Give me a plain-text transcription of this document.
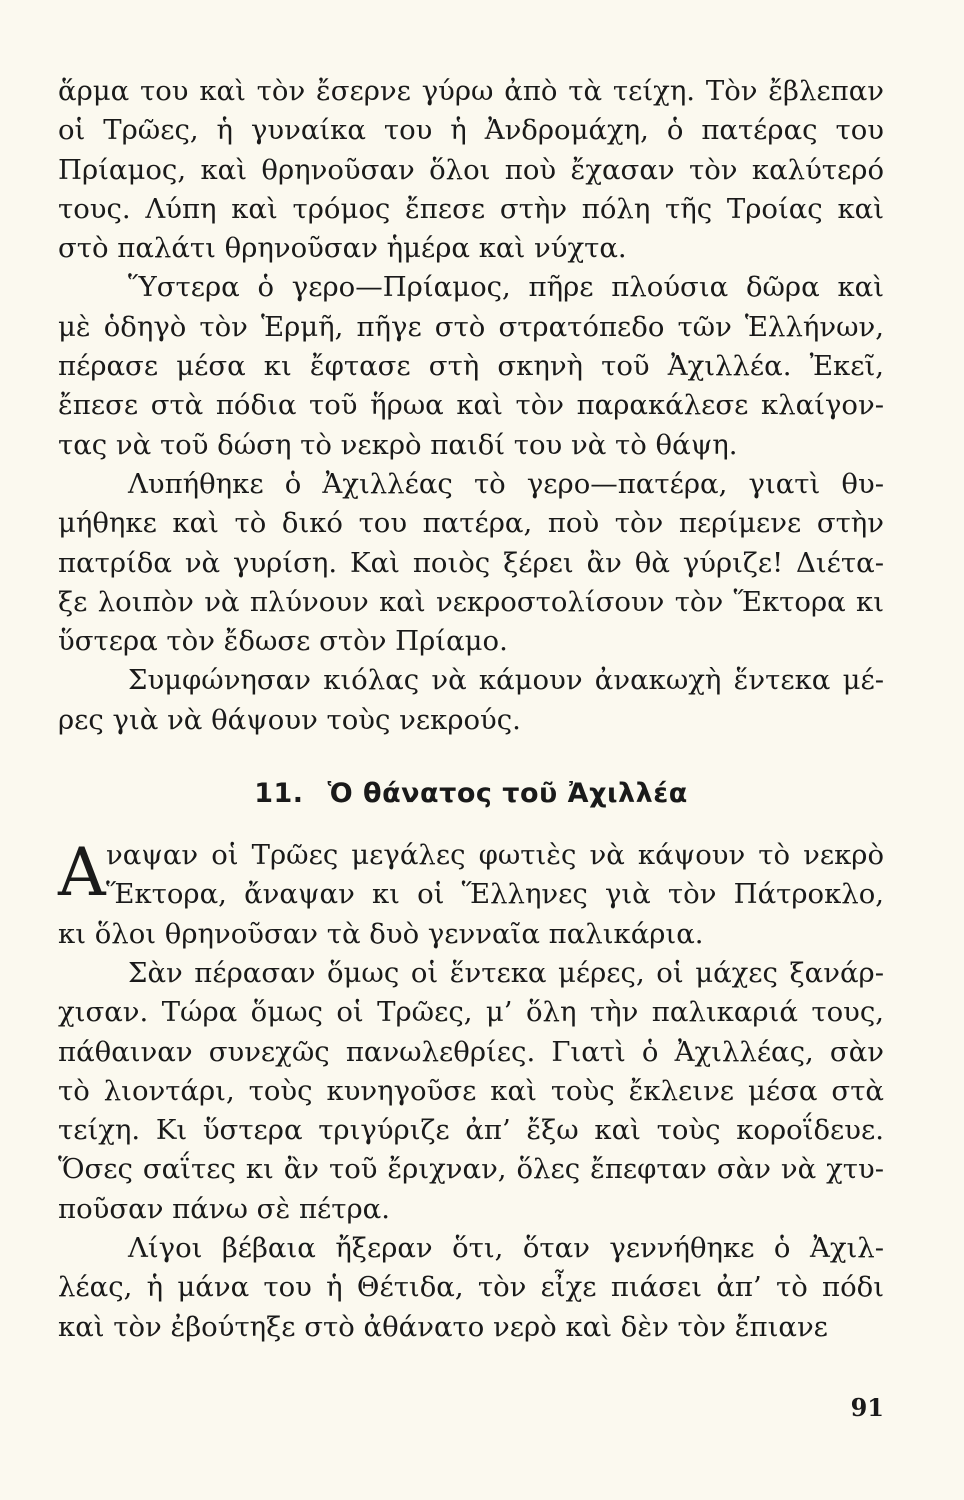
ἅρμα του καὶ τὸν ἔσερνε γύρω ἀπὸ τὰ τείχη. Τὸν ἔβλεπαν
οἱ Τρῶες, ἡ γυναίκα του ἡ Ἀνδρομάχη, ὁ πατέρας του
Πρίαμος, καὶ θρηνοῦσαν ὅλοι ποὺ ἔχασαν τὸν καλύτερό
τους. Λύπη καὶ τρόμος ἔπεσε στὴν πόλη τῆς Τροίας καὶ
στὸ παλάτι θρηνοῦσαν ἡμέρα καὶ νύχτα.
Ὕστερα ὁ γερο—Πρίαμος, πῆρε πλούσια δῶρα καὶ
μὲ ὁδηγὸ τὸν Ἑρμῆ, πῆγε στὸ στρατόπεδο τῶν Ἑλλήνων,
πέρασε μέσα κι ἔφτασε στὴ σκηνὴ τοῦ Ἀχιλλέα. Ἐκεῖ,
ἔπεσε στὰ πόδια τοῦ ἥρωα καὶ τὸν παρακάλεσε κλαίγον-
τας νὰ τοῦ δώση τὸ νεκρὸ παιδί του νὰ τὸ θάψη.
Λυπήθηκε ὁ Ἀχιλλέας τὸ γερο—πατέρα, γιατὶ θυ-
μήθηκε καὶ τὸ δικό του πατέρα, ποὺ τὸν περίμενε στὴν
πατρίδα νὰ γυρίση. Καὶ ποιὸς ξέρει ἂν θὰ γύριζε! Διέτα-
ξε λοιπὸν νὰ πλύνουν καὶ νεκροστολίσουν τὸν Ἕκτορα κι
ὕστερα τὸν ἔδωσε στὸν Πρίαμο.
Συμφώνησαν κιόλας νὰ κάμουν ἀνακωχὴ ἕντεκα μέ-
ρες γιὰ νὰ θάψουν τοὺς νεκρούς.
11. Ὁ θάνατος τοῦ Ἀχιλλέα
Α ναψαν οἱ Τρῶες μεγάλες φωτιὲς νὰ κάψουν τὸ νεκρὸ
Ἕκτορα, ἄναψαν κι οἱ Ἕλληνες γιὰ τὸν Πάτροκλο,
κι ὅλοι θρηνοῦσαν τὰ δυὸ γενναῖα παλικάρια.
Σὰν πέρασαν ὅμως οἱ ἕντεκα μέρες, οἱ μάχες ξανάρ-
χισαν. Τώρα ὅμως οἱ Τρῶες, μ’ ὅλη τὴν παλικαριά τους,
πάθαιναν συνεχῶς πανωλεθρίες. Γιατὶ ὁ Ἀχιλλέας, σὰν
τὸ λιοντάρι, τοὺς κυνηγοῦσε καὶ τοὺς ἔκλεινε μέσα στὰ
τείχη. Κι ὕστερα τριγύριζε ἀπ’ ἔξω καὶ τοὺς κοροΐδευε.
Ὅσες σαΐτες κι ἂν τοῦ ἔριχναν, ὅλες ἔπεφταν σὰν νὰ χτυ-
ποῦσαν πάνω σὲ πέτρα.
Λίγοι βέβαια ἤξεραν ὅτι, ὅταν γεννήθηκε ὁ Ἀχιλ-
λέας, ἡ μάνα του ἡ Θέτιδα, τὸν εἶχε πιάσει ἀπ’ τὸ πόδι
καὶ τὸν ἐβούτηξε στὸ ἀθάνατο νερὸ καὶ δὲν τὸν ἔπιανε
91
